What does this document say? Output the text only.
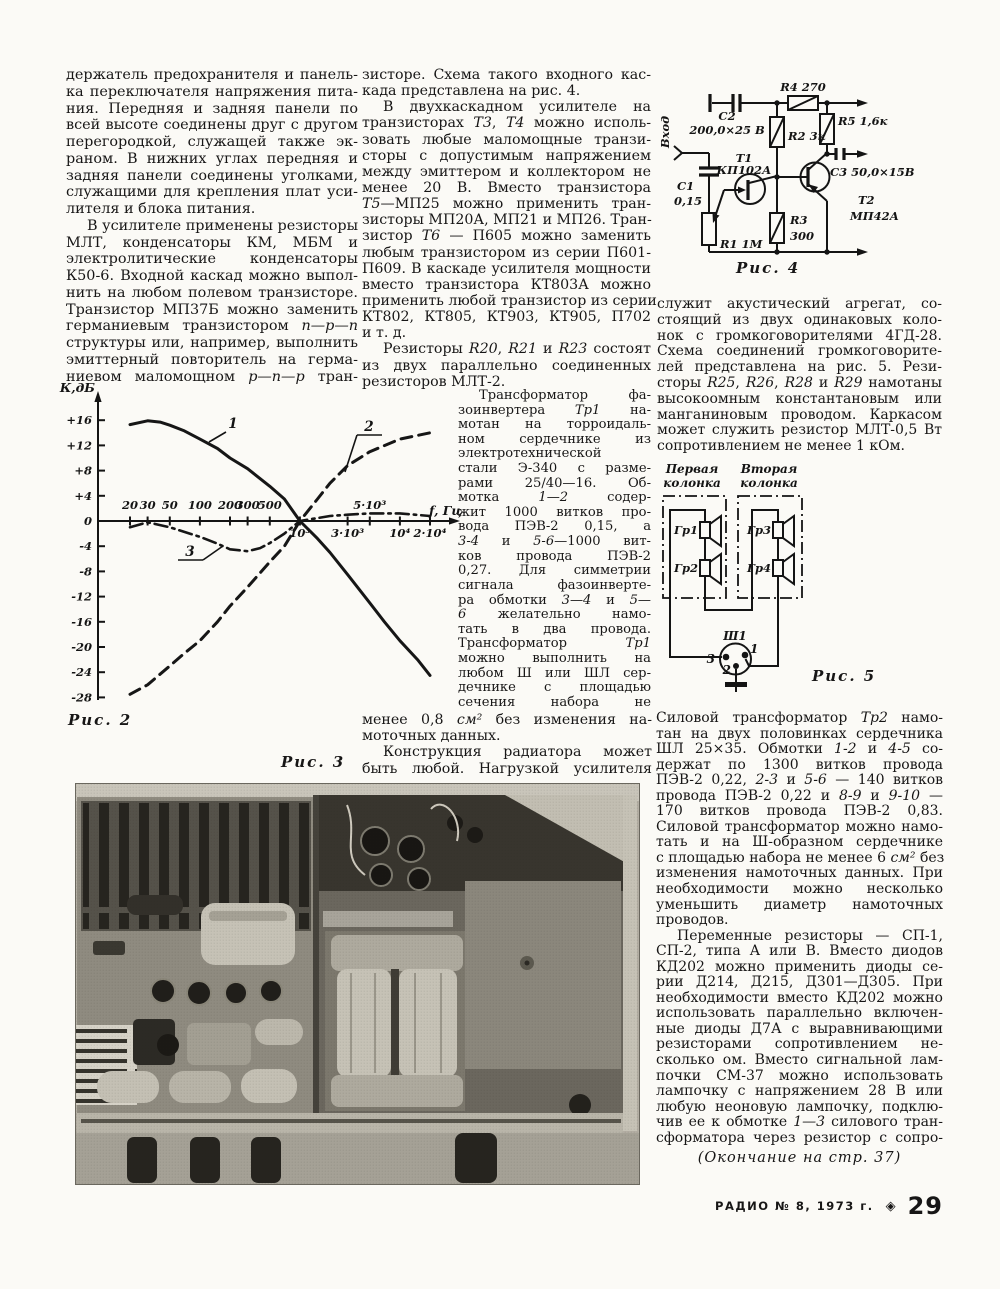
держатель предохранителя и панель-
ка переключателя напряжения пита-
ния. Передняя и задняя панели по
всей высоте соединены друг с другом
перегородкой, служащей также эк-
раном. В нижних углах передняя и
задняя панели соединены уголками,
служащими для крепления плат уси-
лителя и блока питания.
В усилителе применены резисторы
МЛТ, конденсаторы КМ, МБМ и
электролитические конденсаторы
К50-6. Входной каскад можно выпол-
нить на любом полевом транзисторе.
Транзистор МП37Б можно заменить
германиевым транзистором n—p—n
структуры или, например, выполнить
эмиттерный повторитель на герма-
ниевом маломощном p—n—p тран-
зисторе. Схема такого входного кас-
када представлена на рис. 4.
В двухкаскадном усилителе на
транзисторах Т3, Т4 можно исполь-
зовать любые маломощные транзи-
сторы с допустимым напряжением
между эмиттером и коллектором не
менее 20 В. Вместо транзистора
Т5—МП25 можно применить тран-
зисторы МП20А, МП21 и МП26. Тран-
зистор Т6 — П605 можно заменить
любым транзистором из серии П601-
П609. В каскаде усилителя мощности
вместо транзистора КТ803А можно
применить любой транзистор из серии
КТ802, КТ805, КТ903, КТ905, П702
и т. д.
Резисторы R20, R21 и R23 состоят
из двух параллельно соединенных
резисторов МЛТ-2.
Трансформатор фа-
зоинвертера Тр1 на-
мотан на торроидаль-
ном сердечнике из
электротехнической
стали Э-340 с разме-
рами 25/40—16. Об-
мотка 1—2 содер-
жит 1000 витков про-
вода ПЭВ-2 0,15, а
3-4 и 5-6—1000 вит-
ков провода ПЭВ-2
0,27. Для симметрии
сигнала фазоинверте-
ра обмотки 3—4 и 5—
6 желательно намо-
тать в два провода.
Трансформатор Тр1
можно выполнить на
любом Ш или ШЛ сер-
дечнике с площадью
сечения набора не
менее 0,8 см² без изменения на-
моточных данных.
Конструкция радиатора может
быть любой. Нагрузкой усилителя
служит акустический агрегат, со-
стоящий из двух одинаковых коло-
нок с громкоговорителями 4ГД-28.
Схема соединений громкоговорите-
лей представлена на рис. 5. Рези-
сторы R25, R26, R28 и R29 намотаны
высокоомным константановым или
манганиновым проводом. Каркасом
может служить резистор МЛТ-0,5 Вт
сопротивлением не менее 1 кОм.
Силовой трансформатор Тр2 намо-
тан на двух половинках сердечника
ШЛ 25×35. Обмотки 1-2 и 4-5 со-
держат по 1300 витков провода
ПЭВ-2 0,22, 2-3 и 5-6 — 140 витков
провода ПЭВ-2 0,22 и 8-9 и 9-10 —
170 витков провода ПЭВ-2 0,83.
Силовой трансформатор можно намо-
тать и на Ш-образном сердечнике
с площадью набора не менее 6 см² без
изменения намоточных данных. При
необходимости можно несколько
уменьшить диаметр намоточных
проводов.
Переменные резисторы — СП-1,
СП-2, типа А или В. Вместо диодов
КД202 можно применить диоды се-
рии Д214, Д215, Д301—Д305. При
необходимости вместо КД202 можно
использовать параллельно включен-
ные диоды Д7А с выравнивающими
резисторами сопротивлением не-
сколько ом. Вместо сигнальной лам-
почки СМ-37 можно использовать
лампочку с напряжением 28 В или
любую неоновую лампочку, подклю-
чив ее к обмотке 1—3 силового тран-
сформатора через резистор с сопро-
К,дБ
f, Гц
+16
+12
+8
+4
0
-4
-8
-12
-16
-20
-24
-28
20 30 50 100 200
300
500
10³ 3·10³
5·10³
10⁴ 2·10⁴
1	2
3
Рис. 2
Вход
С1
0,15
R1 1М
С2
200,0×25 В R2 3к
R4 270
R5 1,6к
С3 50,0×15В
R3
300
Т1
КП102А
Т2
МП42А
Рис. 4
Первая
колонка
Вторая
колонка
Гр1
Гр2
Гр3
Гр4
Ш1
3
2
1
Рис. 5
Рис. 3
(Окончание на стр. 37)
РАДИО № 8, 1973 г. ◈ 29
